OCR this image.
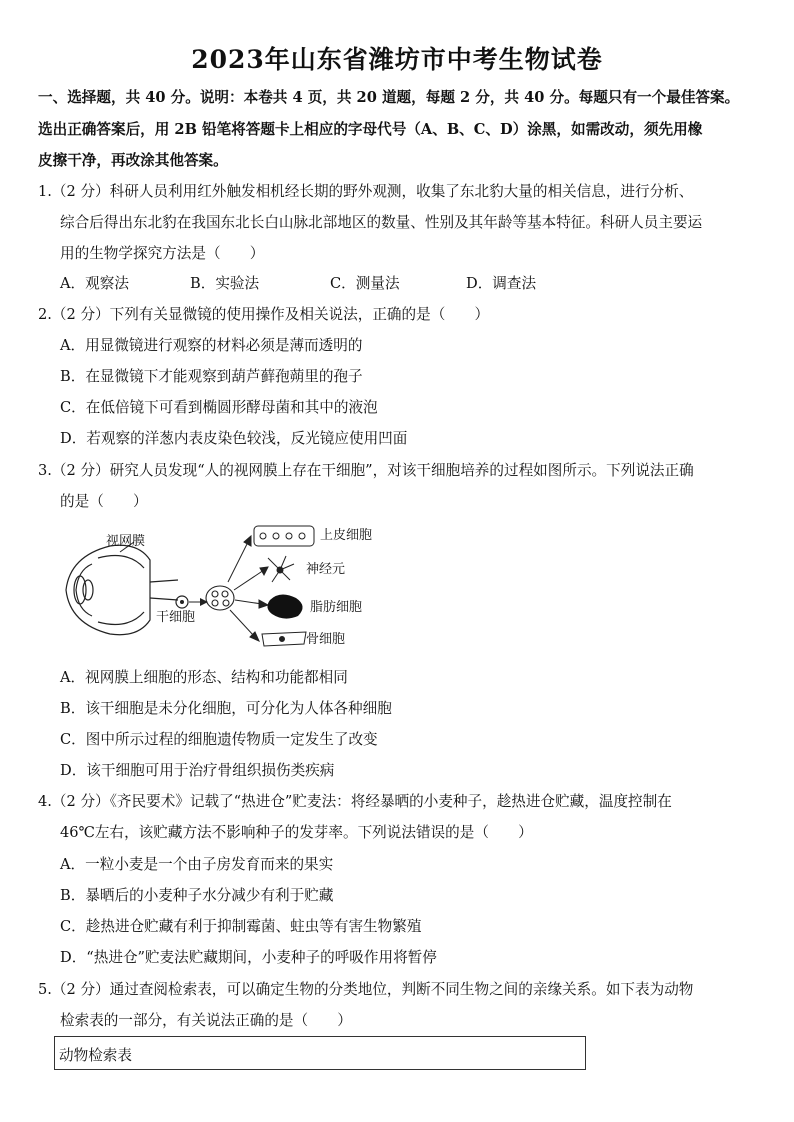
2023年山东省潍坊市中考生物试卷
一、选择题，共 40 分。说明：本卷共 4 页，共 20 道题，每题 2 分，共 40 分。每题只有一个最佳答案。
选出正确答案后，用 2B 铅笔将答题卡上相应的字母代号（A、B、C、D）涂黑，如需改动，须先用橡
皮擦干净，再改涂其他答案。
1.（2 分）科研人员利用红外触发相机经长期的野外观测，收集了东北豹大量的相关信息，进行分析、
综合后得出东北豹在我国东北长白山脉北部地区的数量、性别及其年龄等基本特征。科研人员主要运
用的生物学探究方法是（　　）
A．观察法	B．实验法	C．测量法	D．调查法
2.（2 分）下列有关显微镜的使用操作及相关说法，正确的是（　　）
A．用显微镜进行观察的材料必须是薄而透明的
B．在显微镜下才能观察到葫芦藓孢蒴里的孢子
C．在低倍镜下可看到椭圆形酵母菌和其中的液泡
D．若观察的洋葱内表皮染色较浅，反光镜应使用凹面
3.（2 分）研究人员发现“人的视网膜上存在干细胞”，对该干细胞培养的过程如图所示。下列说法正确
的是（　　）
视网膜
干细胞
上皮细胞
神经元
脂肪细胞
骨细胞
A．视网膜上细胞的形态、结构和功能都相同
B．该干细胞是未分化细胞，可分化为人体各种细胞
C．图中所示过程的细胞遗传物质一定发生了改变
D．该干细胞可用于治疗骨组织损伤类疾病
4.（2 分）《齐民要术》记载了“热进仓”贮麦法：将经暴晒的小麦种子，趁热进仓贮藏，温度控制在
46℃左右，该贮藏方法不影响种子的发芽率。下列说法错误的是（　　）
A．一粒小麦是一个由子房发育而来的果实
B．暴晒后的小麦种子水分减少有利于贮藏
C．趁热进仓贮藏有利于抑制霉菌、蛀虫等有害生物繁殖
D．“热进仓”贮麦法贮藏期间，小麦种子的呼吸作用将暂停
5.（2 分）通过查阅检索表，可以确定生物的分类地位，判断不同生物之间的亲缘关系。如下表为动物
检索表的一部分，有关说法正确的是（　　）
动物检索表
